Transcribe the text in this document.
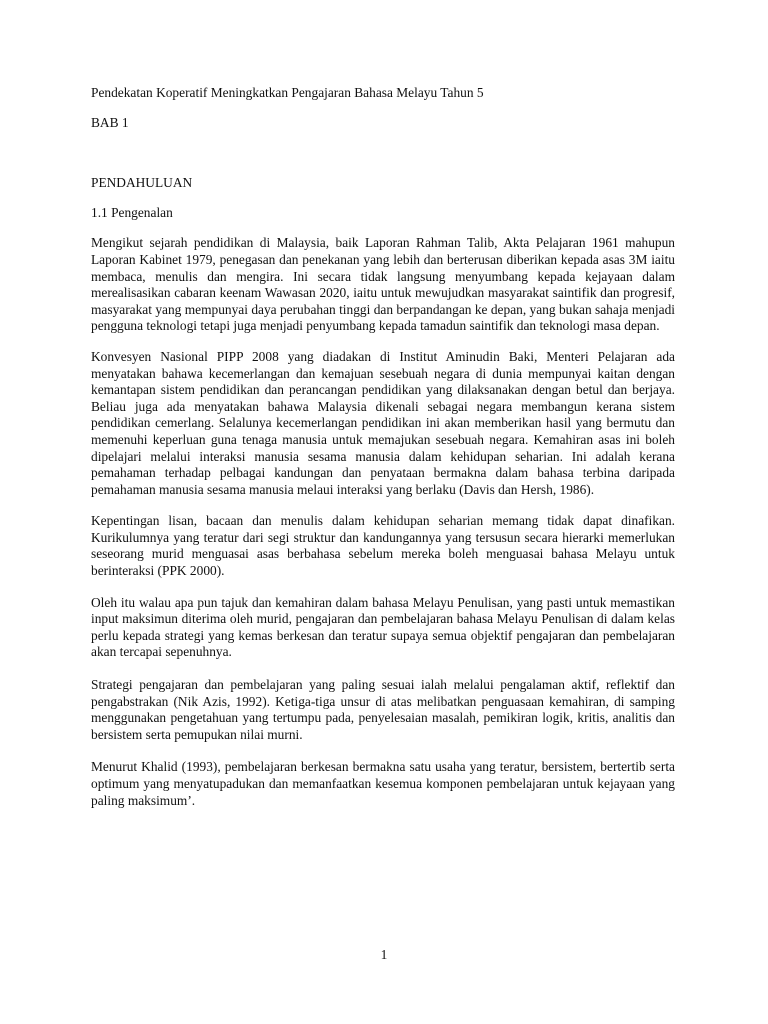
Pendekatan Koperatif Meningkatkan Pengajaran Bahasa Melayu Tahun 5

BAB 1

PENDAHULUAN

1.1 Pengenalan

Mengikut sejarah pendidikan di Malaysia, baik Laporan Rahman Talib, Akta Pelajaran 1961 mahupun Laporan Kabinet 1979, penegasan dan penekanan yang lebih dan berterusan diberikan kepada asas 3M iaitu membaca, menulis dan mengira. Ini secara tidak langsung menyumbang kepada kejayaan dalam merealisasikan cabaran keenam Wawasan 2020, iaitu untuk mewujudkan masyarakat saintifik dan progresif, masyarakat yang mempunyai daya perubahan tinggi dan berpandangan ke depan, yang bukan sahaja menjadi pengguna teknologi tetapi juga menjadi penyumbang kepada tamadun saintifik dan teknologi masa depan.

Konvesyen Nasional PIPP 2008 yang diadakan di Institut Aminudin Baki, Menteri Pelajaran ada menyatakan bahawa kecemerlangan dan kemajuan sesebuah negara di dunia mempunyai kaitan dengan kemantapan sistem pendidikan dan perancangan pendidikan yang dilaksanakan dengan betul dan berjaya. Beliau juga ada menyatakan bahawa Malaysia dikenali sebagai negara membangun kerana sistem pendidikan cemerlang. Selalunya kecemerlangan pendidikan ini akan memberikan hasil yang bermutu dan memenuhi keperluan guna tenaga manusia untuk memajukan sesebuah negara. Kemahiran asas ini boleh dipelajari melalui interaksi manusia sesama manusia dalam kehidupan seharian. Ini adalah kerana pemahaman terhadap pelbagai kandungan dan penyataan bermakna dalam bahasa terbina daripada pemahaman manusia sesama manusia melaui interaksi yang berlaku (Davis dan Hersh, 1986).

Kepentingan lisan, bacaan dan menulis dalam kehidupan seharian memang tidak dapat dinafikan. Kurikulumnya yang teratur dari segi struktur dan kandungannya yang tersusun secara hierarki memerlukan seseorang murid menguasai asas berbahasa sebelum mereka boleh menguasai bahasa Melayu untuk berinteraksi (PPK 2000).

Oleh itu walau apa pun tajuk dan kemahiran dalam bahasa Melayu Penulisan, yang pasti untuk memastikan input maksimun diterima oleh murid, pengajaran dan pembelajaran bahasa Melayu Penulisan di dalam kelas perlu kepada strategi yang kemas berkesan dan teratur supaya semua objektif pengajaran dan pembelajaran akan tercapai sepenuhnya.

Strategi pengajaran dan pembelajaran yang paling sesuai ialah melalui pengalaman aktif, reflektif dan pengabstrakan (Nik Azis, 1992). Ketiga-tiga unsur di atas melibatkan penguasaan kemahiran, di samping menggunakan pengetahuan yang tertumpu pada, penyelesaian masalah, pemikiran logik, kritis, analitis dan bersistem serta pemupukan nilai murni.

Menurut Khalid (1993), pembelajaran berkesan bermakna satu usaha yang teratur, bersistem, bertertib serta optimum yang menyatupadukan dan memanfaatkan kesemua komponen pembelajaran untuk kejayaan yang paling maksimum’.

1
